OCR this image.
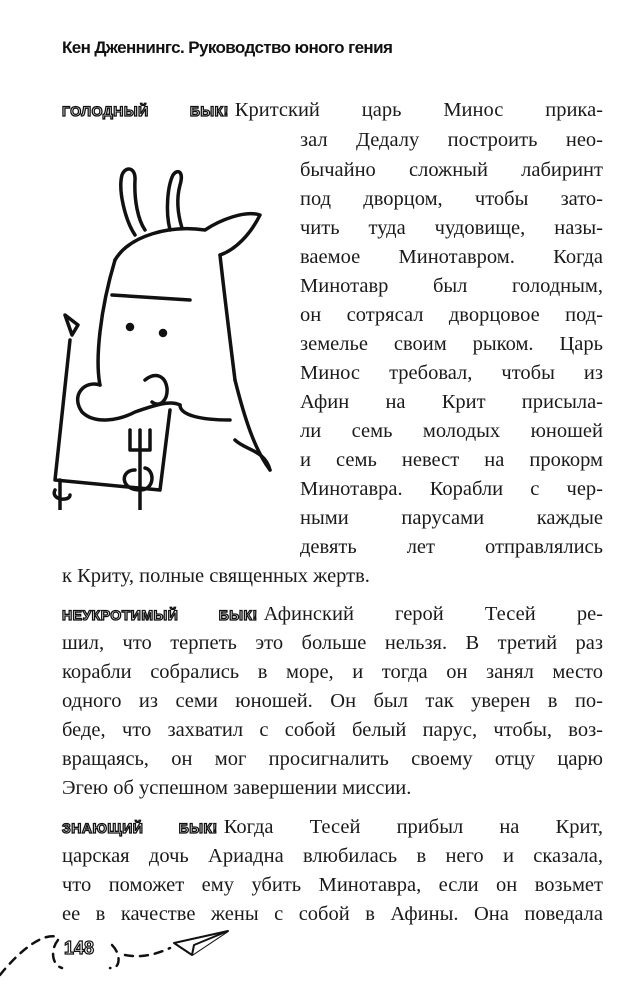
Кен Дженнингс. Руководство юного гения
ГОЛОДНЫЙ БЫК! Критский царь Минос прика-
зал Дедалу построить нео-
бычайно сложный лабиринт
под дворцом, чтобы зато-
чить туда чудовище, назы-
ваемое Минотавром. Когда
Минотавр был голодным,
он сотрясал дворцовое под-
земелье своим рыком. Царь
Минос требовал, чтобы из
Афин на Крит присыла-
ли семь молодых юношей
и семь невест на прокорм
Минотавра. Корабли с чер-
ными парусами каждые
девять лет отправлялись
к Криту, полные священных жертв.
НЕУКРОТИМЫЙ БЫК! Афинский герой Тесей ре-
шил, что терпеть это больше нельзя. В третий раз
корабли собрались в море, и тогда он занял место
одного из семи юношей. Он был так уверен в по-
беде, что захватил с собой белый парус, чтобы, воз-
вращаясь, он мог просигналить своему отцу царю
Эгею об успешном завершении миссии.
ЗНАЮЩИЙ БЫК! Когда Тесей прибыл на Крит,
царская дочь Ариадна влюбилась в него и сказала,
что поможет ему убить Минотавра, если он возьмет
ее в качестве жены с собой в Афины. Она поведала
148
